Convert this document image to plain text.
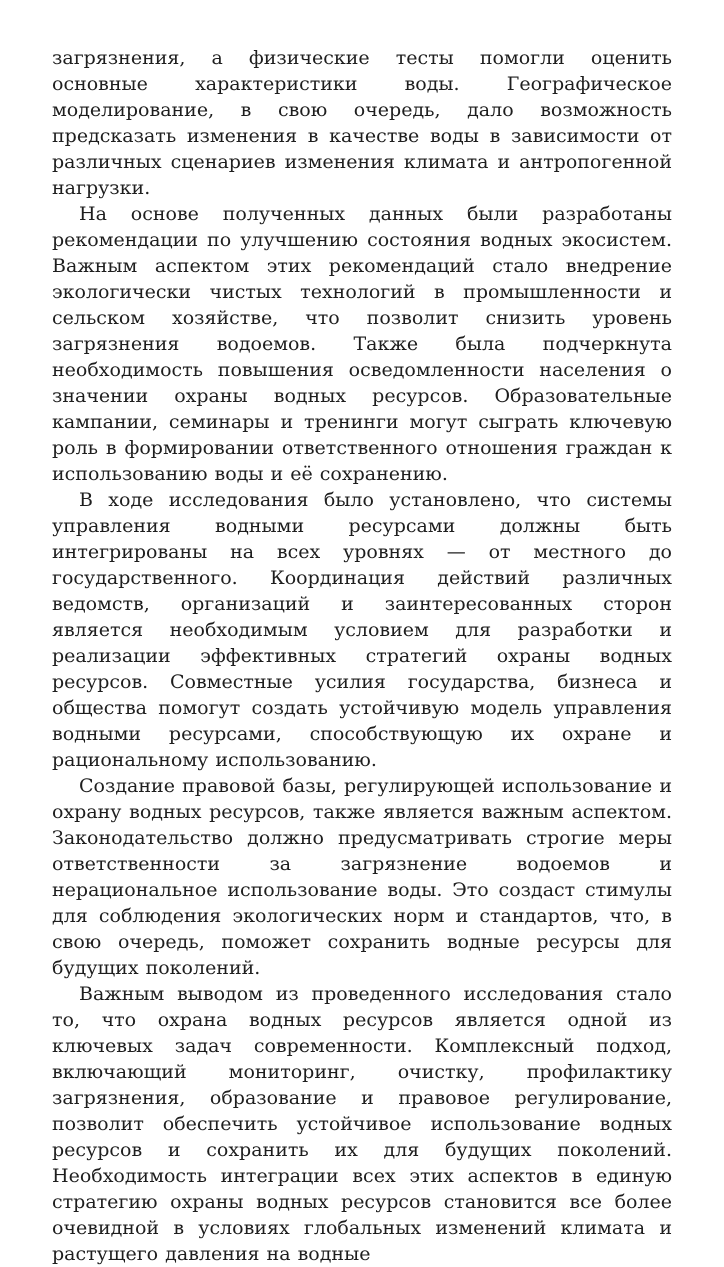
загрязнения, а физические тесты помогли оценить основные характеристики воды. Географическое моделирование, в свою очередь, дало возможность предсказать изменения в качестве воды в зависимости от различных сценариев изменения климата и антропогенной нагрузки.

На основе полученных данных были разработаны рекомендации по улучшению состояния водных экосистем. Важным аспектом этих рекомендаций стало внедрение экологически чистых технологий в промышленности и сельском хозяйстве, что позволит снизить уровень загрязнения водоемов. Также была подчеркнута необходимость повышения осведомленности населения о значении охраны водных ресурсов. Образовательные кампании, семинары и тренинги могут сыграть ключевую роль в формировании ответственного отношения граждан к использованию воды и её сохранению.

В ходе исследования было установлено, что системы управления водными ресурсами должны быть интегрированы на всех уровнях — от местного до государственного. Координация действий различных ведомств, организаций и заинтересованных сторон является необходимым условием для разработки и реализации эффективных стратегий охраны водных ресурсов. Совместные усилия государства, бизнеса и общества помогут создать устойчивую модель управления водными ресурсами, способствующую их охране и рациональному использованию.

Создание правовой базы, регулирующей использование и охрану водных ресурсов, также является важным аспектом. Законодательство должно предусматривать строгие меры ответственности за загрязнение водоемов и нерациональное использование воды. Это создаст стимулы для соблюдения экологических норм и стандартов, что, в свою очередь, поможет сохранить водные ресурсы для будущих поколений.

Важным выводом из проведенного исследования стало то, что охрана водных ресурсов является одной из ключевых задач современности. Комплексный подход, включающий мониторинг, очистку, профилактику загрязнения, образование и правовое регулирование, позволит обеспечить устойчивое использование водных ресурсов и сохранить их для будущих поколений. Необходимость интеграции всех этих аспектов в единую стратегию охраны водных ресурсов становится все более очевидной в условиях глобальных изменений климата и растущего давления на водные
